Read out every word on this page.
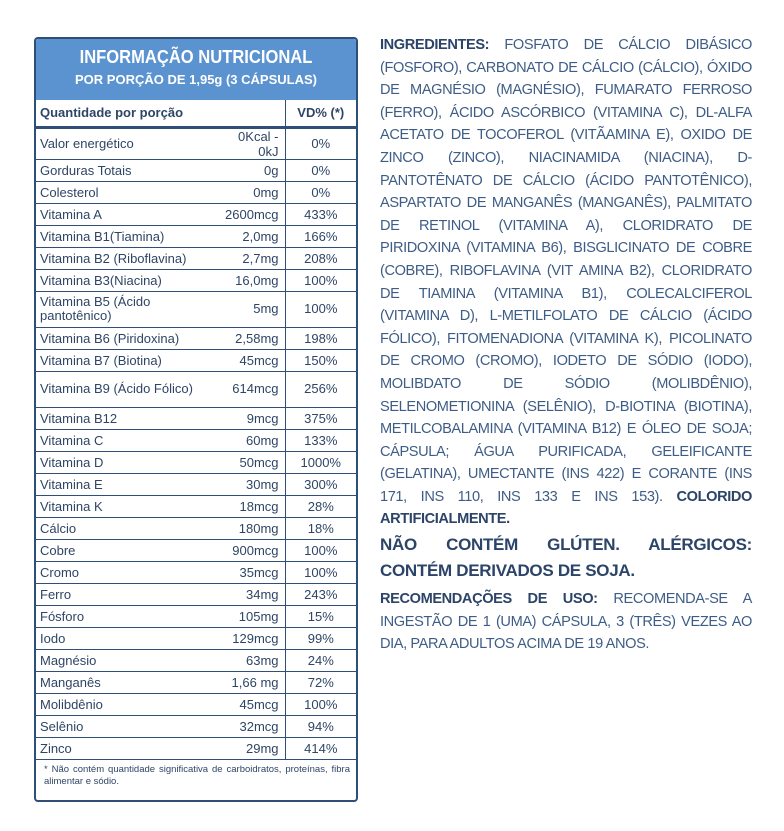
INFORMAÇÃO NUTRICIONAL
POR PORÇÃO DE 1,95g (3 CÁPSULAS)
Quantidade por porção		VD% (*)
Valor energético	0Kcal - 0kJ	0%
Gorduras Totais	0g	0%
Colesterol	0mg	0%
Vitamina A	2600mcg	433%
Vitamina B1(Tiamina)	2,0mg	166%
Vitamina B2 (Riboflavina)	2,7mg	208%
Vitamina B3(Niacina)	16,0mg	100%
Vitamina B5 (Ácido pantotênico)	5mg	100%
Vitamina B6 (Piridoxina)	2,58mg	198%
Vitamina B7 (Biotina)	45mcg	150%
Vitamina B9 (Ácido Fólico)	614mcg	256%
Vitamina B12	9mcg	375%
Vitamina C	60mg	133%
Vitamina D	50mcg	1000%
Vitamina E	30mg	300%
Vitamina K	18mcg	28%
Cálcio	180mg	18%
Cobre	900mcg	100%
Cromo	35mcg	100%
Ferro	34mg	243%
Fósforo	105mg	15%
Iodo	129mcg	99%
Magnésio	63mg	24%
Manganês	1,66 mg	72%
Molibdênio	45mcg	100%
Selênio	32mcg	94%
Zinco	29mg	414%
* Não contém quantidade significativa de carboidratos, proteínas, fibra alimentar e sódio.

INGREDIENTES: FOSFATO DE CÁLCIO DIBÁSICO (FOSFORO), CARBONATO DE CÁLCIO (CÁLCIO), ÓXIDO DE MAGNÉSIO (MAGNÉSIO), FUMARATO FERROSO (FERRO), ÁCIDO ASCÓRBICO (VITAMINA C), DL-ALFA ACETATO DE TOCOFEROL (VITÃAMINA E), OXIDO DE ZINCO (ZINCO), NIACINAMIDA (NIACINA), D-PANTOTÊNATO DE CÁLCIO (ÁCIDO PANTOTÊNICO), ASPARTATO DE MANGANÊS (MANGANÊS), PALMITATO DE RETINOL (VITAMINA A), CLORIDRATO DE PIRIDOXINA (VITAMINA B6), BISGLICINATO DE COBRE (COBRE), RIBOFLAVINA (VIT AMINA B2), CLORIDRATO DE TIAMINA (VITAMINA B1), COLECALCIFEROL (VITAMINA D), L-METILFOLATO DE CÁLCIO (ÁCIDO FÓLICO), FITOMENADIONA (VITAMINA K), PICOLINATO DE CROMO (CROMO), IODETO DE SÓDIO (IODO), MOLIBDATO DE SÓDIO (MOLIBDÊNIO), SELENOMETIONINA (SELÊNIO), D-BIOTINA (BIOTINA), METILCOBALAMINA (VITAMINA B12) E ÓLEO DE SOJA; CÁPSULA; ÁGUA PURIFICADA, GELEIFICANTE (GELATINA), UMECTANTE (INS 422) E CORANTE (INS 171, INS 110, INS 133 E INS 153). COLORIDO ARTIFICIALMENTE.

NÃO CONTÉM GLÚTEN. ALÉRGICOS: CONTÉM DERIVADOS DE SOJA.

RECOMENDAÇÕES DE USO: RECOMENDA-SE A INGESTÃO DE 1 (UMA) CÁPSULA, 3 (TRÊS) VEZES AO DIA, PARA ADULTOS ACIMA DE 19 ANOS.
